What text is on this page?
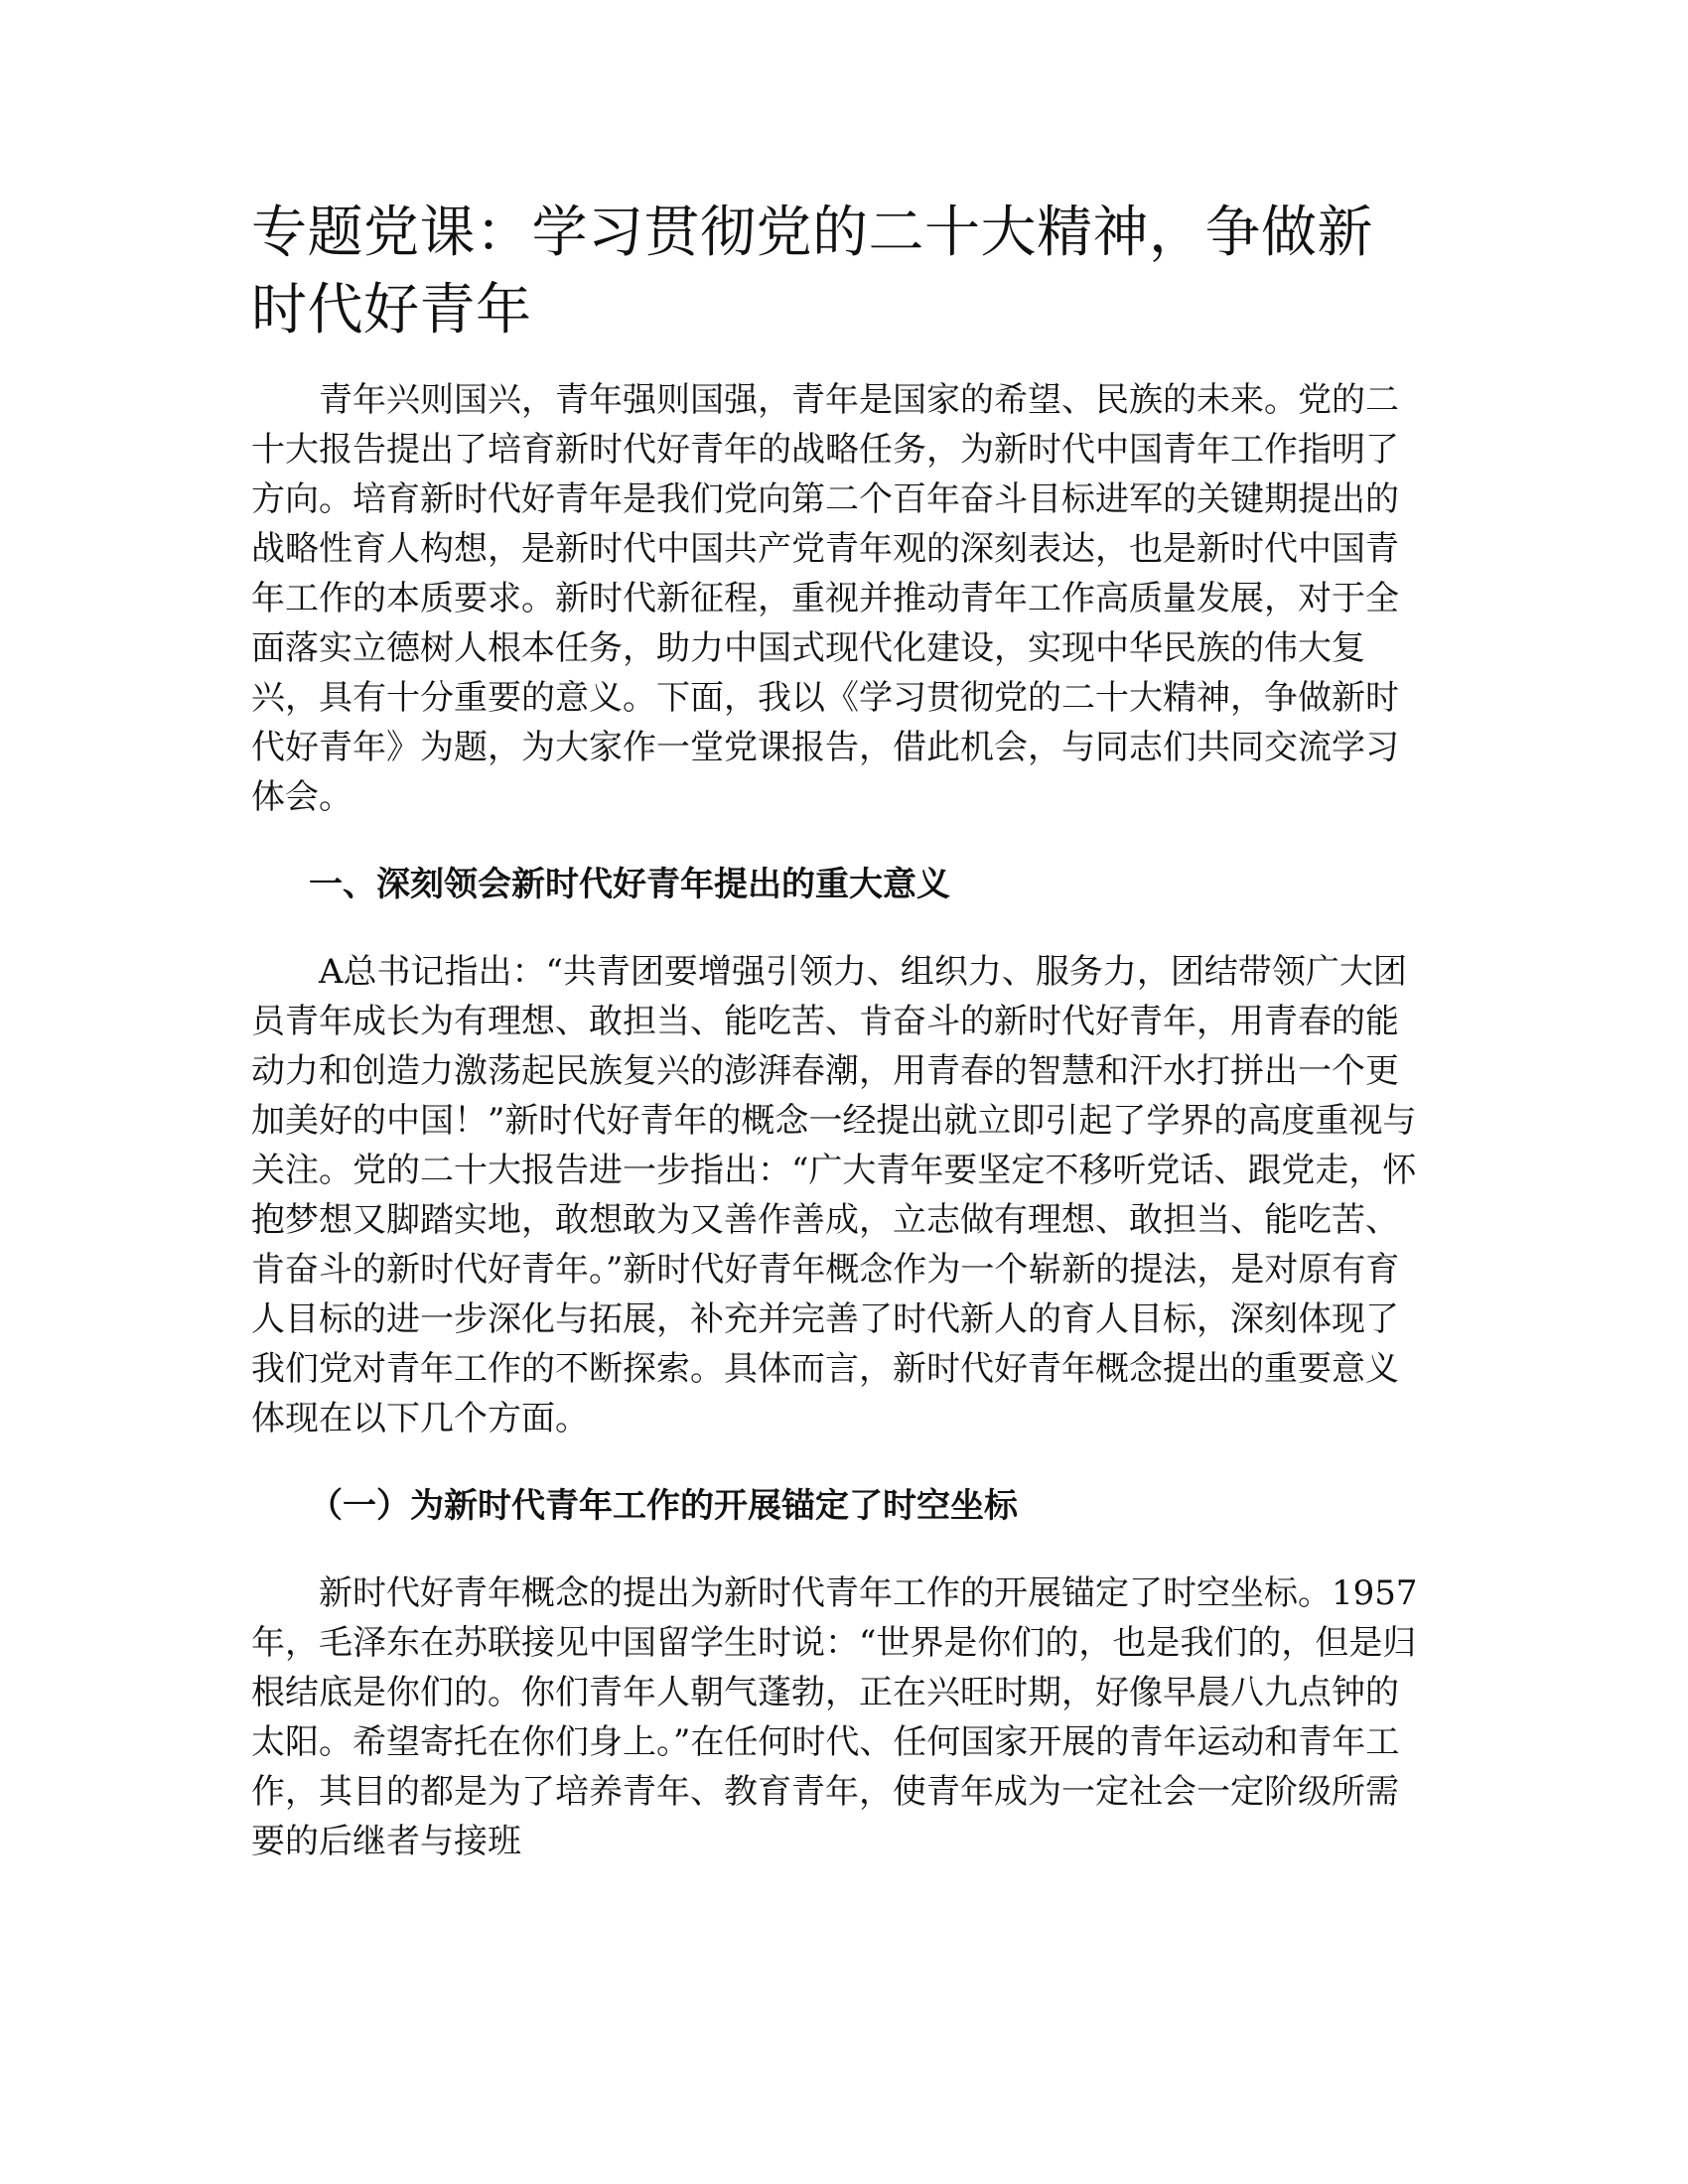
专题党课：学习贯彻党的二十大精神，争做新时代好青年

青年兴则国兴，青年强则国强，青年是国家的希望、民族的未来。党的二十大报告提出了培育新时代好青年的战略任务，为新时代中国青年工作指明了方向。培育新时代好青年是我们党向第二个百年奋斗目标进军的关键期提出的战略性育人构想，是新时代中国共产党青年观的深刻表达，也是新时代中国青年工作的本质要求。新时代新征程，重视并推动青年工作高质量发展，对于全面落实立德树人根本任务，助力中国式现代化建设，实现中华民族的伟大复兴，具有十分重要的意义。下面，我以《学习贯彻党的二十大精神，争做新时代好青年》为题，为大家作一堂党课报告，借此机会，与同志们共同交流学习体会。

一、深刻领会新时代好青年提出的重大意义

A总书记指出：“共青团要增强引领力、组织力、服务力，团结带领广大团员青年成长为有理想、敢担当、能吃苦、肯奋斗的新时代好青年，用青春的能动力和创造力激荡起民族复兴的澎湃春潮，用青春的智慧和汗水打拼出一个更加美好的中国！”新时代好青年的概念一经提出就立即引起了学界的高度重视与关注。党的二十大报告进一步指出：“广大青年要坚定不移听党话、跟党走，怀抱梦想又脚踏实地，敢想敢为又善作善成，立志做有理想、敢担当、能吃苦、肯奋斗的新时代好青年。”新时代好青年概念作为一个崭新的提法，是对原有育人目标的进一步深化与拓展，补充并完善了时代新人的育人目标，深刻体现了我们党对青年工作的不断探索。具体而言，新时代好青年概念提出的重要意义体现在以下几个方面。

（一）为新时代青年工作的开展锚定了时空坐标

新时代好青年概念的提出为新时代青年工作的开展锚定了时空坐标。1957年，毛泽东在苏联接见中国留学生时说：“世界是你们的，也是我们的，但是归根结底是你们的。你们青年人朝气蓬勃，正在兴旺时期，好像早晨八九点钟的太阳。希望寄托在你们身上。”在任何时代、任何国家开展的青年运动和青年工作，其目的都是为了培养青年、教育青年，使青年成为一定社会一定阶级所需要的后继者与接班
